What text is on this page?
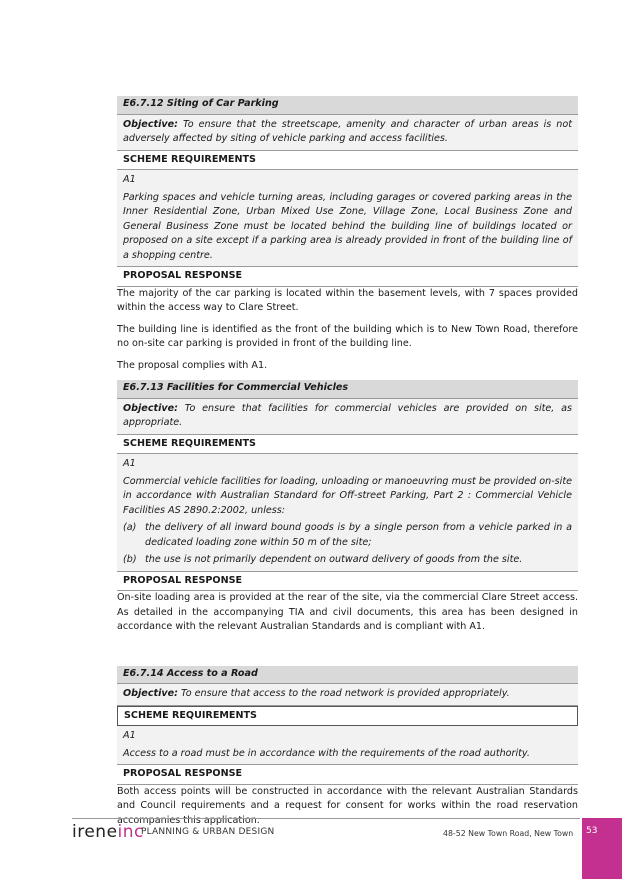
E6.7.12 Siting of Car Parking
Objective: To ensure that the streetscape, amenity and character of urban areas is not adversely affected by siting of vehicle parking and access facilities.
SCHEME REQUIREMENTS
A1
Parking spaces and vehicle turning areas, including garages or covered parking areas in the Inner Residential Zone, Urban Mixed Use Zone, Village Zone, Local Business Zone and General Business Zone must be located behind the building line of buildings located or proposed on a site except if a parking area is already provided in front of the building line of a shopping centre.
PROPOSAL RESPONSE

The majority of the car parking is located within the basement levels, with 7 spaces provided within the access way to Clare Street.

The building line is identified as the front of the building which is to New Town Road, therefore no on-site car parking is provided in front of the building line.

The proposal complies with A1.

E6.7.13 Facilities for Commercial Vehicles
Objective: To ensure that facilities for commercial vehicles are provided on site, as appropriate.
SCHEME REQUIREMENTS
A1
Commercial vehicle facilities for loading, unloading or manoeuvring must be provided on-site in accordance with Australian Standard for Off-street Parking, Part 2 : Commercial Vehicle Facilities AS 2890.2:2002, unless:
(a) the delivery of all inward bound goods is by a single person from a vehicle parked in a dedicated loading zone within 50 m of the site;
(b) the use is not primarily dependent on outward delivery of goods from the site.
PROPOSAL RESPONSE

On-site loading area is provided at the rear of the site, via the commercial Clare Street access. As detailed in the accompanying TIA and civil documents, this area has been designed in accordance with the relevant Australian Standards and is compliant with A1.

E6.7.14 Access to a Road
Objective: To ensure that access to the road network is provided appropriately.
SCHEME REQUIREMENTS
A1
Access to a road must be in accordance with the requirements of the road authority.
PROPOSAL RESPONSE

Both access points will be constructed in accordance with the relevant Australian Standards and Council requirements and a request for consent for works within the road reservation accompanies this application.

ireneinc
PLANNING & URBAN DESIGN	48-52 New Town Road, New Town 53
